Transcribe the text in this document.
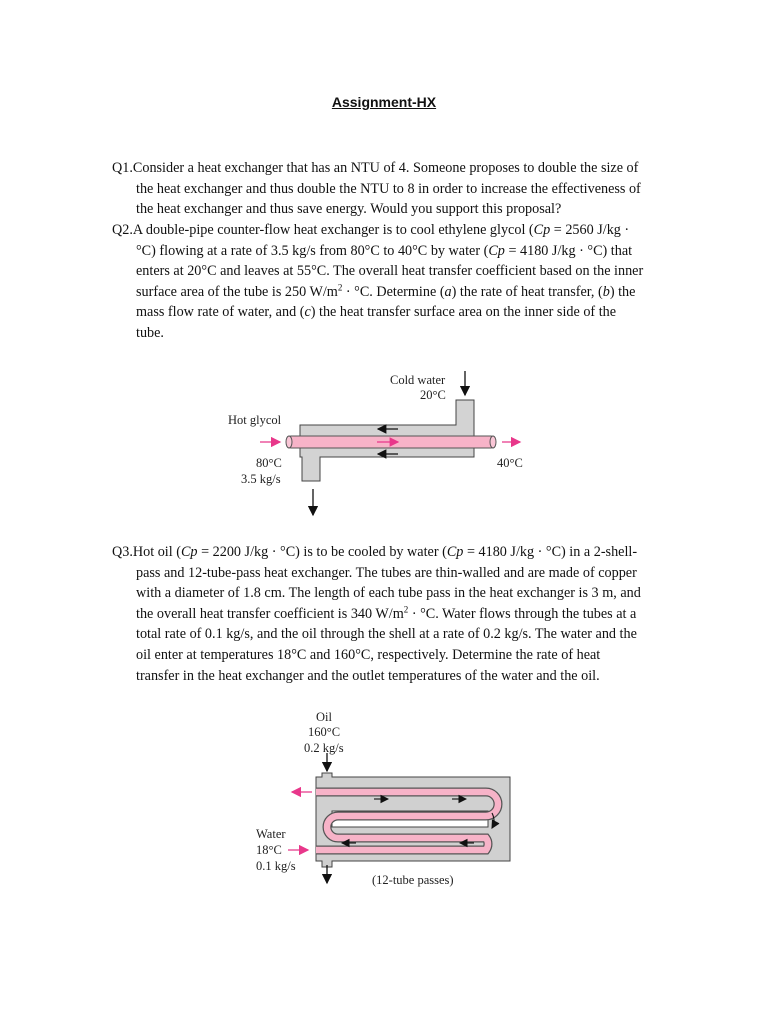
Assignment-HX
Q1.Consider a heat exchanger that has an NTU of 4. Someone proposes to double the size of
the heat exchanger and thus double the NTU to 8 in order to increase the effectiveness of
the heat exchanger and thus save energy. Would you support this proposal?
Q2.A double-pipe counter-flow heat exchanger is to cool ethylene glycol (Cp = 2560 J/kg ·
°C) flowing at a rate of 3.5 kg/s from 80°C to 40°C by water (Cp = 4180 J/kg · °C) that
enters at 20°C and leaves at 55°C. The overall heat transfer coefficient based on the inner
surface area of the tube is 250 $W/m^2 \cdot ^\circ C$. Determine (a) the rate of heat transfer, (b) the
mass flow rate of water, and (c) the heat transfer surface area on the inner side of the
tube.
Cold water
20°C
Hot glycol
80°C
3.5 kg/s
40°C
Q3.Hot oil (Cp = 2200 J/kg · °C) is to be cooled by water (Cp = 4180 J/kg · °C) in a 2-shell-
pass and 12-tube-pass heat exchanger. The tubes are thin-walled and are made of copper
with a diameter of 1.8 cm. The length of each tube pass in the heat exchanger is 3 m, and
the overall heat transfer coefficient is 340 $W/m^2 \cdot ^\circ C$. Water flows through the tubes at a
total rate of 0.1 kg/s, and the oil through the shell at a rate of 0.2 kg/s. The water and the
oil enter at temperatures 18°C and 160°C, respectively. Determine the rate of heat
transfer in the heat exchanger and the outlet temperatures of the water and the oil.
Oil
160°C
0.2 kg/s
Water
18°C
0.1 kg/s
(12-tube passes)
